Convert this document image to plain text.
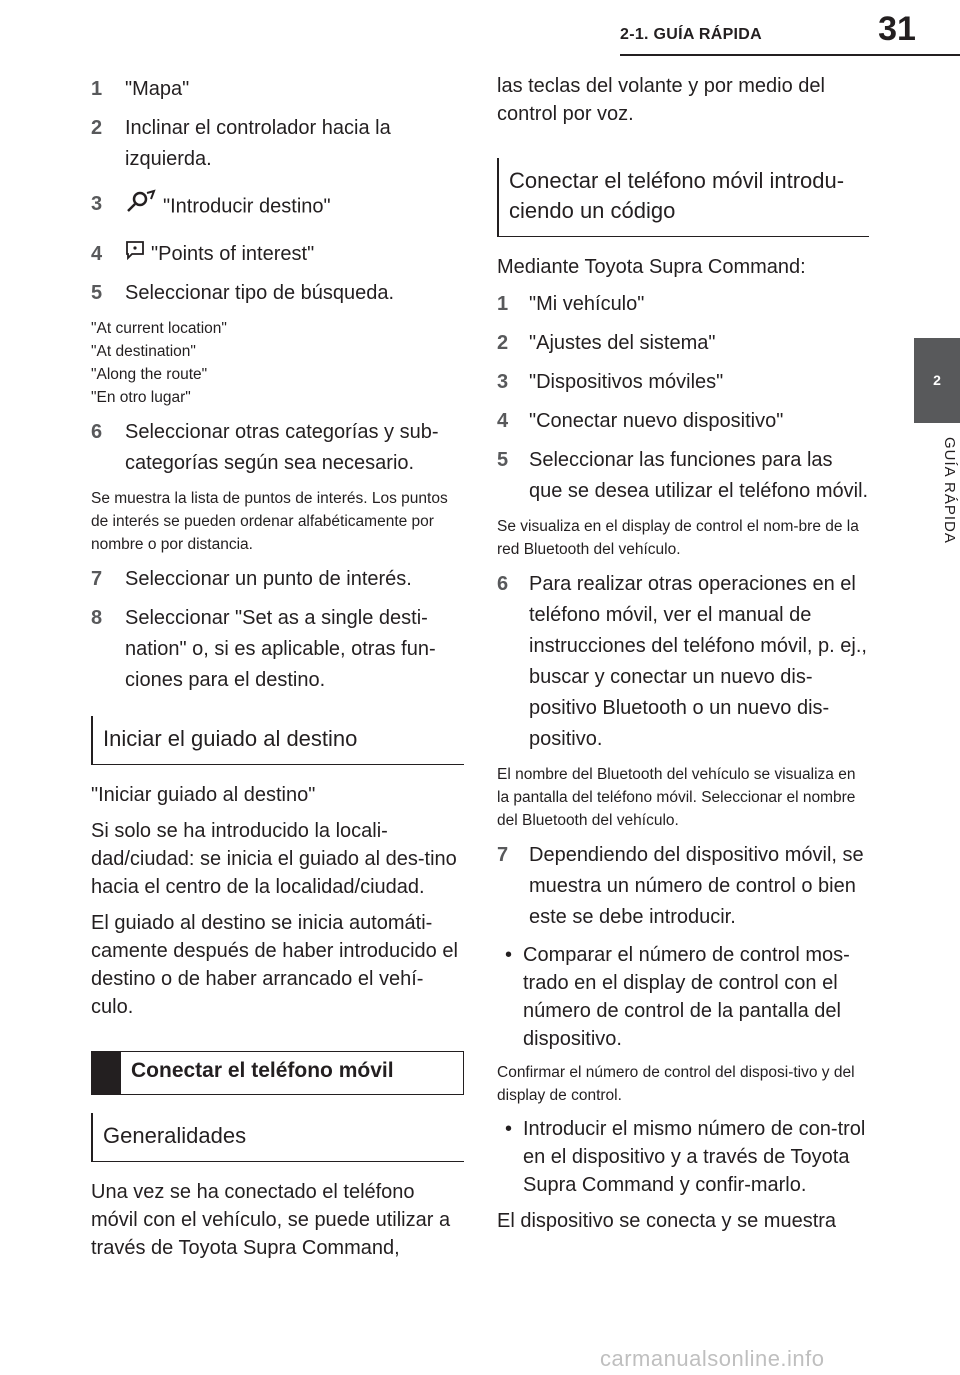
2-1. GUÍA RÁPIDA	31
2
GUÍA RÁPIDA
1 "Mapa"
2 Inclinar el controlador hacia la izquierda.
3	"Introducir destino"
4 "Points of interest"
5 Seleccionar tipo de búsqueda.
"At current location"
"At destination"
"Along the route"
"En otro lugar"
6 Seleccionar otras categorías y sub-categorías según sea necesario.
Se muestra la lista de puntos de interés. Los puntos de interés se pueden ordenar alfabéticamente por nombre o por distancia.
7 Seleccionar un punto de interés.
8 Seleccionar "Set as a single desti-nation" o, si es aplicable, otras fun-ciones para el destino.
Iniciar el guiado al destino
"Iniciar guiado al destino"
Si solo se ha introducido la locali-dad/ciudad: se inicia el guiado al des-tino hacia el centro de la localidad/ciudad.
El guiado al destino se inicia automáti-camente después de haber introducido el destino o de haber arrancado el vehí-culo.
Conectar el teléfono móvil
Generalidades
Una vez se ha conectado el teléfono móvil con el vehículo, se puede utilizar a través de Toyota Supra Command,
las teclas del volante y por medio del control por voz.
Conectar el teléfono móvil introdu-ciendo un código
Mediante Toyota Supra Command:
1 "Mi vehículo"
2 "Ajustes del sistema"
3 "Dispositivos móviles"
4 "Conectar nuevo dispositivo"
5 Seleccionar las funciones para las que se desea utilizar el teléfono móvil.
Se visualiza en el display de control el nom-bre de la red Bluetooth del vehículo.
6 Para realizar otras operaciones en el teléfono móvil, ver el manual de instrucciones del teléfono móvil, p. ej., buscar y conectar un nuevo dis-positivo Bluetooth o un nuevo dis-positivo.
El nombre del Bluetooth del vehículo se visualiza en la pantalla del teléfono móvil. Seleccionar el nombre del Bluetooth del vehículo.
7 Dependiendo del dispositivo móvil, se muestra un número de control o bien este se debe introducir.
• Comparar el número de control mos-trado en el display de control con el número de control de la pantalla del dispositivo.
Confirmar el número de control del disposi-tivo y del display de control.
• Introducir el mismo número de con-trol en el dispositivo y a través de Toyota Supra Command y confir-marlo.
El dispositivo se conecta y se muestra
carmanualsonline.info
